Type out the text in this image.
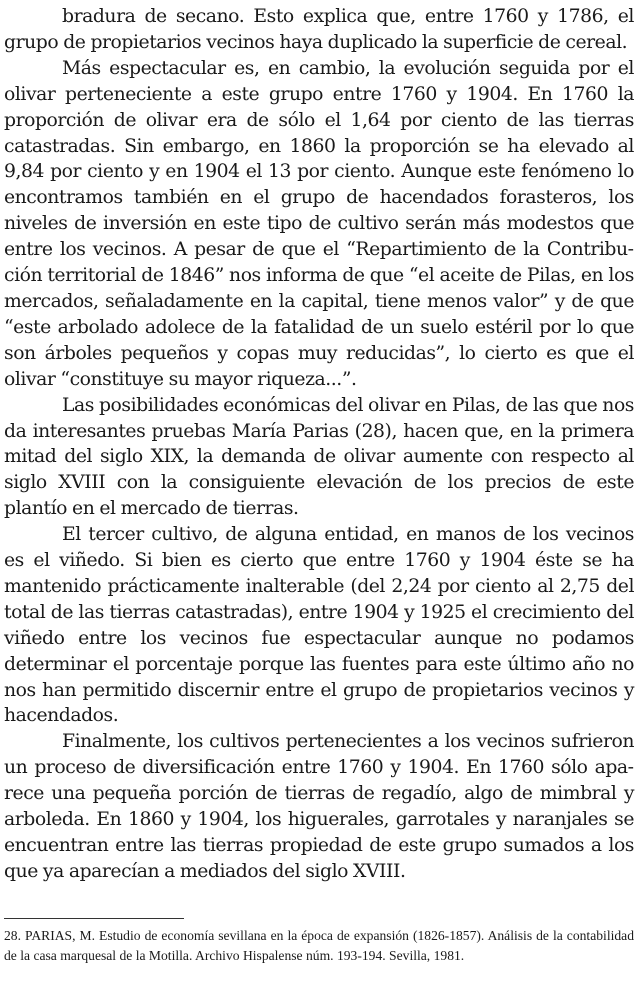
bradura de secano. Esto explica que, entre 1760 y 1786, el grupo de propietarios vecinos haya duplicado la superficie de cereal.

Más espectacular es, en cambio, la evolución seguida por el olivar perteneciente a este grupo entre 1760 y 1904. En 1760 la proporción de olivar era de sólo el 1,64 por ciento de las tierras catastradas. Sin embargo, en 1860 la proporción se ha elevado al 9,84 por ciento y en 1904 el 13 por ciento. Aunque este fenómeno lo encontramos también en el grupo de hacendados forasteros, los niveles de inversión en este tipo de cultivo serán más modestos que entre los vecinos. A pesar de que el “Repartimiento de la Contribución territorial de 1846” nos informa de que “el aceite de Pilas, en los mercados, señaladamente en la capital, tiene menos valor” y de que “este arbolado adolece de la fatalidad de un suelo estéril por lo que son árboles pequeños y copas muy reducidas”, lo cierto es que el olivar “constituye su mayor riqueza...”.

Las posibilidades económicas del olivar en Pilas, de las que nos da interesantes pruebas María Parias (28), hacen que, en la primera mitad del siglo XIX, la demanda de olivar aumente con respecto al siglo XVIII con la consiguiente elevación de los precios de este plantío en el mercado de tierras.

El tercer cultivo, de alguna entidad, en manos de los vecinos es el viñedo. Si bien es cierto que entre 1760 y 1904 éste se ha mantenido prácticamente inalterable (del 2,24 por ciento al 2,75 del total de las tierras catastradas), entre 1904 y 1925 el crecimiento del viñedo entre los vecinos fue espectacular aunque no podamos determinar el porcentaje porque las fuentes para este último año no nos han permitido discernir entre el grupo de propietarios vecinos y hacendados.

Finalmente, los cultivos pertenecientes a los vecinos sufrieron un proceso de diversificación entre 1760 y 1904. En 1760 sólo aparece una pequeña porción de tierras de regadío, algo de mimbral y arboleda. En 1860 y 1904, los higuerales, garrotales y naranjales se encuentran entre las tierras propiedad de este grupo sumados a los que ya aparecían a mediados del siglo XVIII.

28. PARIAS, M. Estudio de economía sevillana en la época de expansión (1826-1857). Análisis de la contabilidad de la casa marquesal de la Motilla. Archivo Hispalense núm. 193-194. Sevilla, 1981.
